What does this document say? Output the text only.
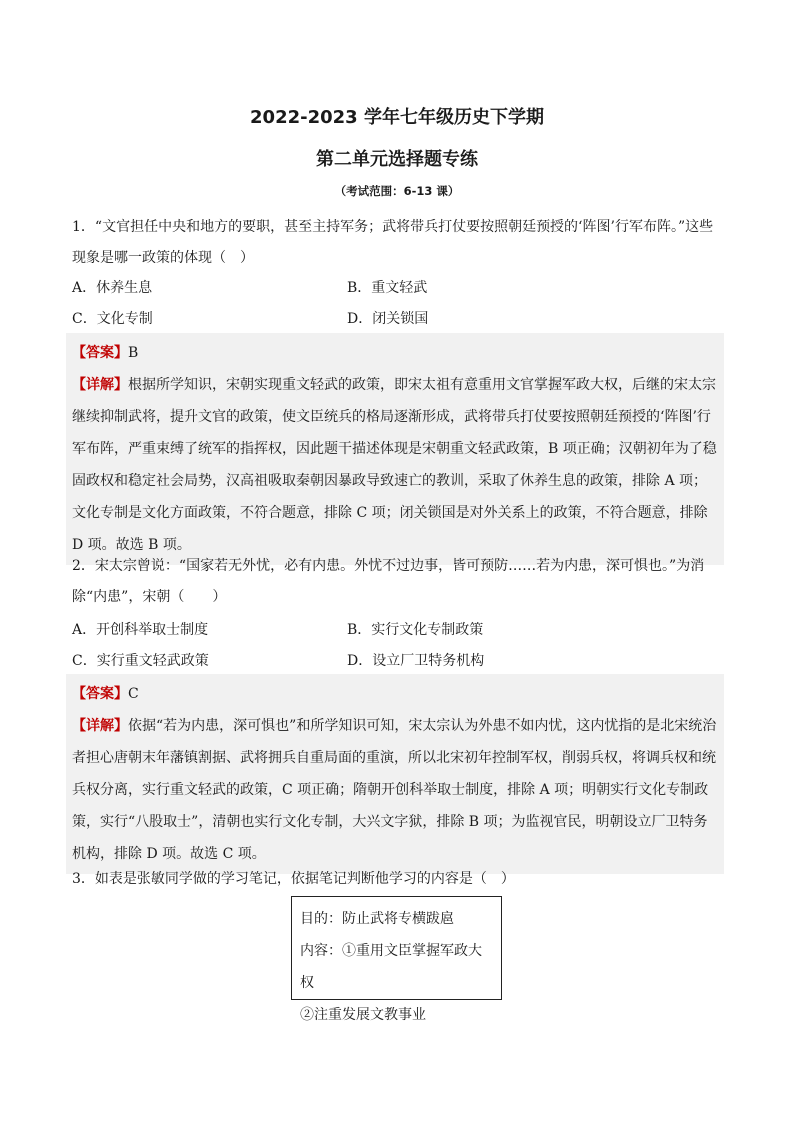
2022-2023 学年七年级历史下学期
第二单元选择题专练
（考试范围：6-13 课）
1．“文官担任中央和地方的要职，甚至主持军务；武将带兵打仗要按照朝廷预授的‘阵图’行军布阵。”这些现象是哪一政策的体现（　）
A．休养生息	B．重文轻武
C．文化专制	D．闭关锁国
【答案】B
【详解】根据所学知识，宋朝实现重文轻武的政策，即宋太祖有意重用文官掌握军政大权，后继的宋太宗继续抑制武将，提升文官的政策，使文臣统兵的格局逐渐形成，武将带兵打仗要按照朝廷预授的‘阵图’行军布阵，严重束缚了统军的指挥权，因此题干描述体现是宋朝重文轻武政策，B 项正确；汉朝初年为了稳固政权和稳定社会局势，汉高祖吸取秦朝因暴政导致速亡的教训，采取了休养生息的政策，排除 A 项；文化专制是文化方面政策，不符合题意，排除 C 项；闭关锁国是对外关系上的政策，不符合题意，排除 D 项。故选 B 项。
2．宋太宗曾说：“国家若无外忧，必有内患。外忧不过边事，皆可预防……若为内患，深可惧也。”为消除“内患”，宋朝（　　）
A．开创科举取士制度	B．实行文化专制政策
C．实行重文轻武政策	D．设立厂卫特务机构
【答案】C
【详解】依据“若为内患，深可惧也”和所学知识可知，宋太宗认为外患不如内忧，这内忧指的是北宋统治者担心唐朝末年藩镇割据、武将拥兵自重局面的重演，所以北宋初年控制军权，削弱兵权，将调兵权和统兵权分离，实行重文轻武的政策，C 项正确；隋朝开创科举取士制度，排除 A 项；明朝实行文化专制政策，实行“八股取士”，清朝也实行文化专制，大兴文字狱，排除 B 项；为监视官民，明朝设立厂卫特务机构，排除 D 项。故选 C 项。
3．如表是张敏同学做的学习笔记，依据笔记判断他学习的内容是（　）
目的：防止武将专横跋扈
内容：①重用文臣掌握军政大权
②注重发展文教事业
